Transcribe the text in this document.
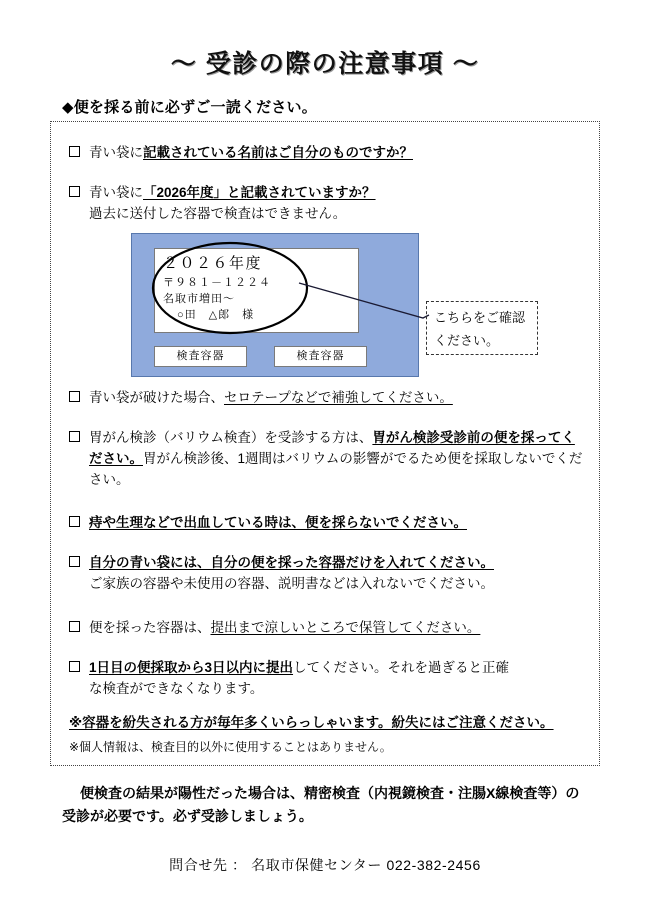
〜 受診の際の注意事項 〜
◆便を採る前に必ずご一読ください。
青い袋に記載されている名前はご自分のものですか？
青い袋に「2026年度」と記載されていますか？
過去に送付した容器で検査はできません。
２０２６年度
〒９８１－１２２４
名取市増田〜
○田　△郎　様
検査容器	検査容器
こちらをご確認
ください。
青い袋が破けた場合、セロテープなどで補強してください。
胃がん検診（バリウム検査）を受診する方は、胃がん検診受診前の便を採ってください。胃がん検診後、1週間はバリウムの影響がでるため便を採取しないでください。
痔や生理などで出血している時は、便を採らないでください。
自分の青い袋には、自分の便を採った容器だけを入れてください。
ご家族の容器や未使用の容器、説明書などは入れないでください。
便を採った容器は、提出まで涼しいところで保管してください。
1日目の便採取から3日以内に提出してください。それを過ぎると正確
な検査ができなくなります。
※容器を紛失される方が毎年多くいらっしゃいます。紛失にはご注意ください。
※個人情報は、検査目的以外に使用することはありません。
便検査の結果が陽性だった場合は、精密検査（内視鏡検査・注腸X線検査等）の受診が必要です。必ず受診しましょう。
問合せ先 ： 名取市保健センター 022-382-2456
